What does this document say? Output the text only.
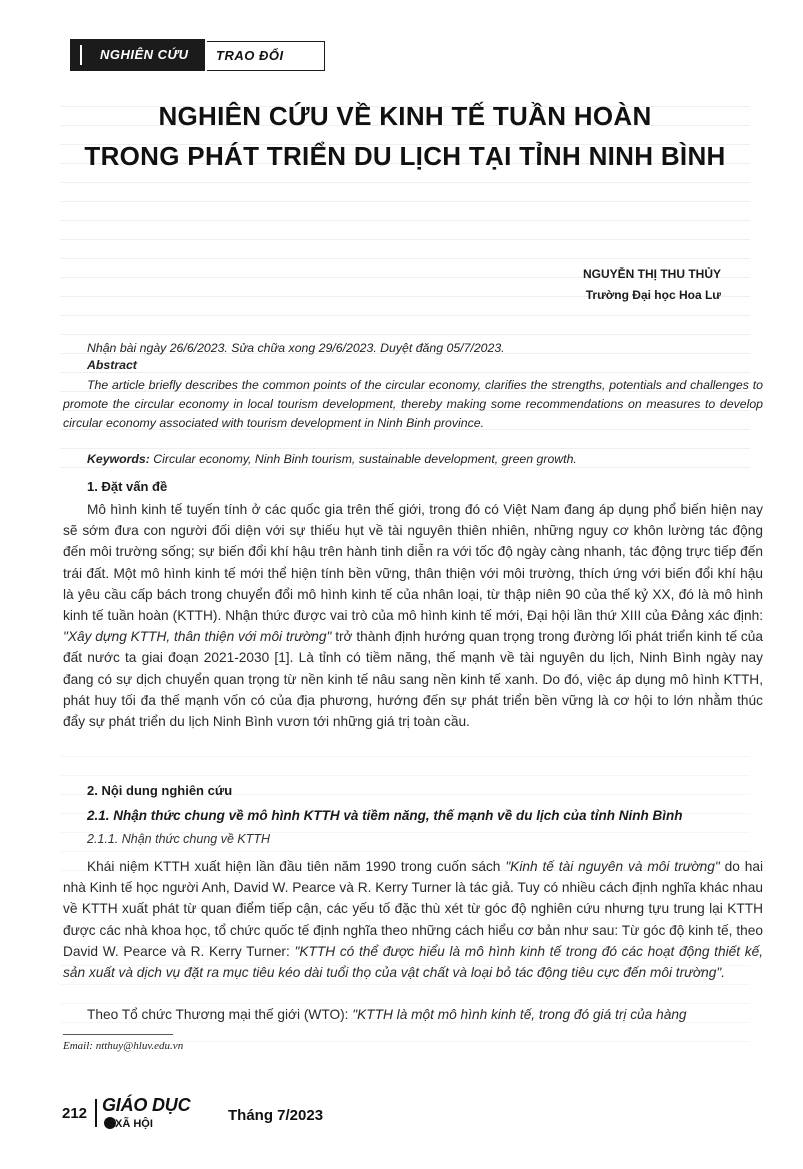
NGHIÊN CỨU TRAO ĐỔI
NGHIÊN CỨU VỀ KINH TẾ TUẦN HOÀN
TRONG PHÁT TRIỂN DU LỊCH TẠI TỈNH NINH BÌNH
NGUYỄN THỊ THU THỦY
Trường Đại học Hoa Lư
Nhận bài ngày 26/6/2023. Sửa chữa xong 29/6/2023. Duyệt đăng 05/7/2023.
Abstract

The article briefly describes the common points of the circular economy, clarifies the strengths, potentials and challenges to promote the circular economy in local tourism development, thereby making some recommendations on measures to develop circular economy associated with tourism development in Ninh Binh province.

Keywords: Circular economy, Ninh Binh tourism, sustainable development, green growth.
1. Đặt vấn đề

Mô hình kinh tế tuyến tính ở các quốc gia trên thế giới, trong đó có Việt Nam đang áp dụng phổ biến hiện nay sẽ sớm đưa con người đối diện với sự thiếu hụt về tài nguyên thiên nhiên, những nguy cơ khôn lường tác động đến môi trường sống; sự biến đổi khí hậu trên hành tinh diễn ra với tốc độ ngày càng nhanh, tác động trực tiếp đến trái đất. Một mô hình kinh tế mới thể hiện tính bền vững, thân thiện với môi trường, thích ứng với biến đổi khí hậu là yêu cầu cấp bách trong chuyển đổi mô hình kinh tế của nhân loại, từ thập niên 90 của thế kỷ XX, đó là mô hình kinh tế tuần hoàn (KTTH). Nhận thức được vai trò của mô hình kinh tế mới, Đại hội lần thứ XIII của Đảng xác định: "Xây dựng KTTH, thân thiện với môi trường" trở thành định hướng quan trọng trong đường lối phát triển kinh tế của đất nước ta giai đoạn 2021-2030 [1]. Là tỉnh có tiềm năng, thế mạnh về tài nguyên du lịch, Ninh Bình ngày nay đang có sự dịch chuyển quan trọng từ nền kinh tế nâu sang nền kinh tế xanh. Do đó, việc áp dụng mô hình KTTH, phát huy tối đa thế mạnh vốn có của địa phương, hướng đến sự phát triển bền vững là cơ hội to lớn nhằm thúc đẩy sự phát triển du lịch Ninh Bình vươn tới những giá trị toàn cầu.

2. Nội dung nghiên cứu
2.1. Nhận thức chung về mô hình KTTH và tiềm năng, thế mạnh về du lịch của tỉnh Ninh Bình
2.1.1. Nhận thức chung về KTTH

Khái niệm KTTH xuất hiện lần đầu tiên năm 1990 trong cuốn sách "Kinh tế tài nguyên và môi trường" do hai nhà Kinh tế học người Anh, David W. Pearce và R. Kerry Turner là tác giả. Tuy có nhiều cách định nghĩa khác nhau về KTTH xuất phát từ quan điểm tiếp cận, các yếu tố đặc thù xét từ góc độ nghiên cứu nhưng tựu trung lại KTTH được các nhà khoa học, tổ chức quốc tế định nghĩa theo những cách hiểu cơ bản như sau: Từ góc độ kinh tế, theo David W. Pearce và R. Kerry Turner: "KTTH có thể được hiểu là mô hình kinh tế trong đó các hoạt động thiết kế, sản xuất và dịch vụ đặt ra mục tiêu kéo dài tuổi thọ của vật chất và loại bỏ tác động tiêu cực đến môi trường".

Theo Tổ chức Thương mại thế giới (WTO): "KTTH là một mô hình kinh tế, trong đó giá trị của hàng

Email: ntthuy@hluv.edu.vn
212 GIÁO DỤC
XÃ HỘI	Tháng 7/2023
